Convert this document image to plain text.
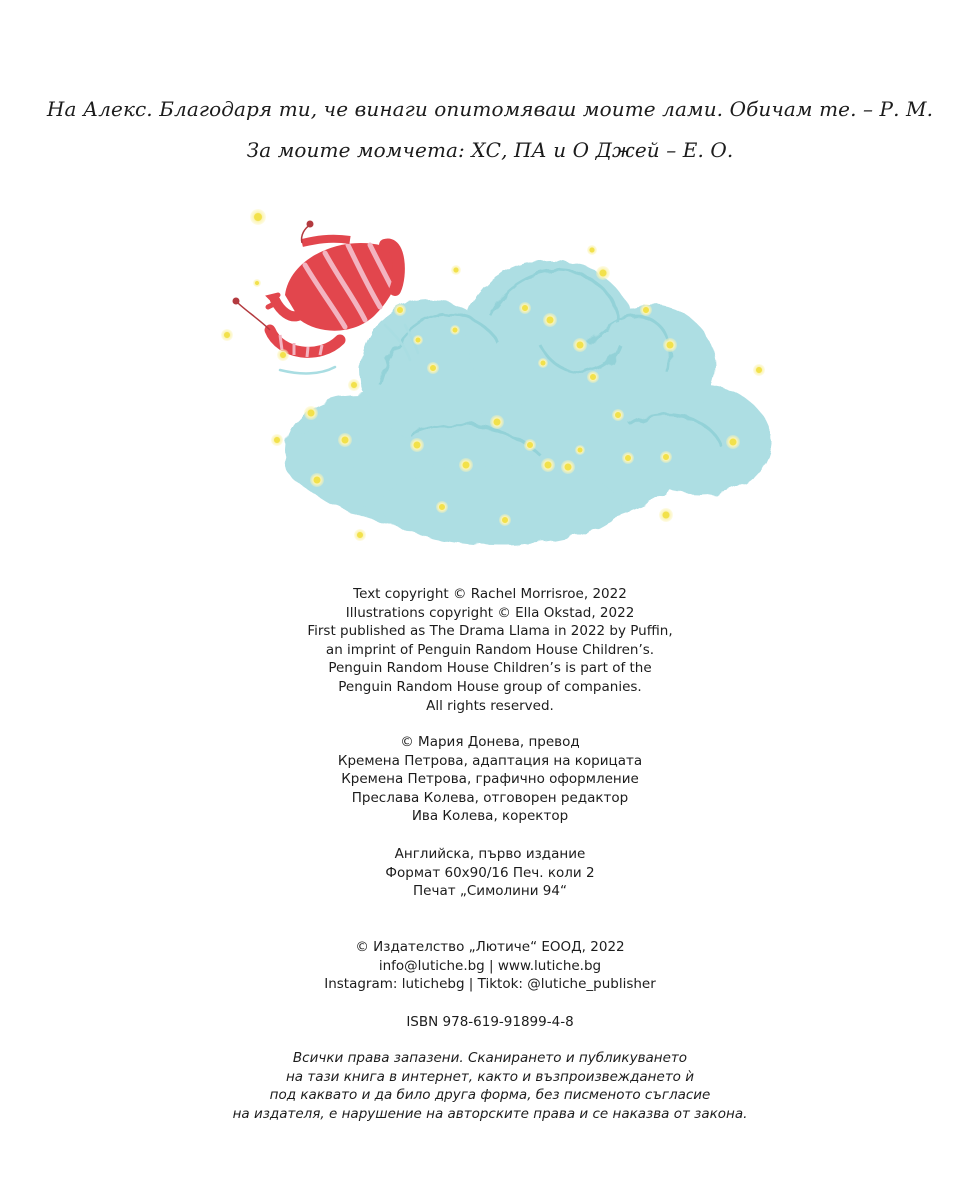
На Алекс. Благодаря ти, че винаги опитомяваш моите лами. Обичам те. – Р. М.
За моите момчета: ХС, ПА и О Джей – Е. О.
Text copyright © Rachel Morrisroe, 2022
Illustrations copyright © Ella Okstad, 2022
First published as The Drama Llama in 2022 by Puffin,
an imprint of Penguin Random House Children’s.
Penguin Random House Children’s is part of the
Penguin Random House group of companies.
All rights reserved.
© Мария Донева, превод
Кремена Петрова, адаптация на корицата
Кремена Петрова, графично оформление
Преслава Колева, отговорен редактор
Ива Колева, коректор
Английска, първо издание
Формат 60x90/16 Печ. коли 2
Печат „Симолини 94“
© Издателство „Лютиче“ ЕООД, 2022
info@lutiche.bg | www.lutiche.bg
Instagram: lutichebg | Tiktok: @lutiche_publisher
ISBN 978-619-91899-4-8
Всички права запазени. Сканирането и публикуването
на тази книга в интернет, както и възпроизвеждането ѝ
под каквато и да било друга форма, без писменото съгласие
на издателя, е нарушение на авторските права и се наказва от закона.
